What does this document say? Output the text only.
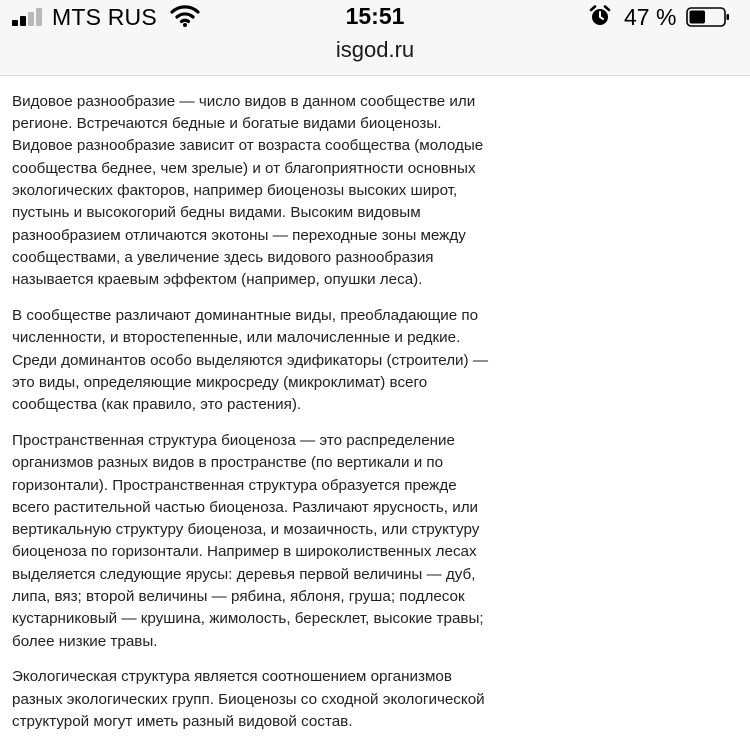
Видовое разнообразие — число видов в данном сообществе или регионе. Встречаются бедные и богатые видами биоценозы. Видовое разнообразие зависит от возраста сообщества (молодые сообщества беднее, чем зрелые) и от благоприятности основных экологических факторов, например биоценозы высоких широт, пустынь и высокогорий бедны видами. Высоким видовым разнообразием отличаются экотоны — переходные зоны между сообществами, а увеличение здесь видового разнообразия называется краевым эффектом (например, опушки леса).

В сообществе различают доминантные виды, преобладающие по численности, и второстепенные, или малочисленные и редкие. Среди доминантов особо выделяются эдификаторы (строители) — это виды, определяющие микросреду (микроклимат) всего сообщества (как правило, это растения).

Пространственная структура биоценоза — это распределение организмов разных видов в пространстве (по вертикали и по горизонтали). Пространственная структура образуется прежде всего растительной частью биоценоза. Различают ярусность, или вертикальную структуру биоценоза, и мозаичность, или структуру биоценоза по горизонтали. Например в широколиственных лесах выделяется следующие ярусы: деревья первой величины — дуб, липа, вяз; второй величины — рябина, яблоня, груша; подлесок кустарниковый — крушина, жимолость, бересклет, высокие травы; более низкие травы.

Экологическая структура является соотношением организмов разных экологических групп. Биоценозы со сходной экологической структурой могут иметь разный видовой состав.

MTS RUS	15:51	47 %
isgod.ru
